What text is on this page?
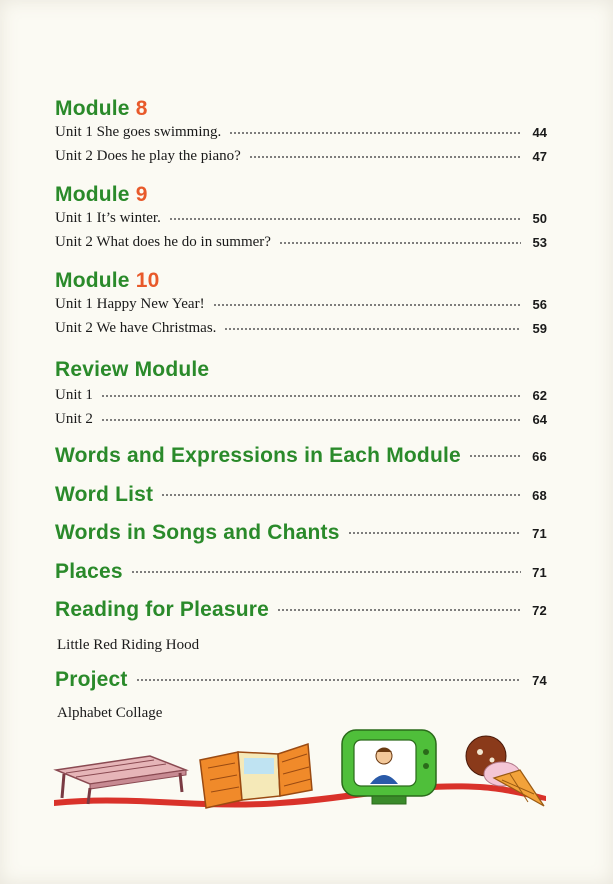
Module
8
Unit 1 She goes swimming.	44
Unit 2 Does he play the piano?	47
Module
9
Unit 1 It’s winter.	50
Unit 2 What does he do in summer?	53
Module
10
Unit 1 Happy New Year!	56
Unit 2 We have Christmas.	59
Review Module
Unit 1	62
Unit 2	64
Words and Expressions in Each Module	66
Word List	68
Words in Songs and Chants	71
Places	71
Reading for Pleasure	72
Little Red Riding Hood
Project	74
Alphabet Collage
